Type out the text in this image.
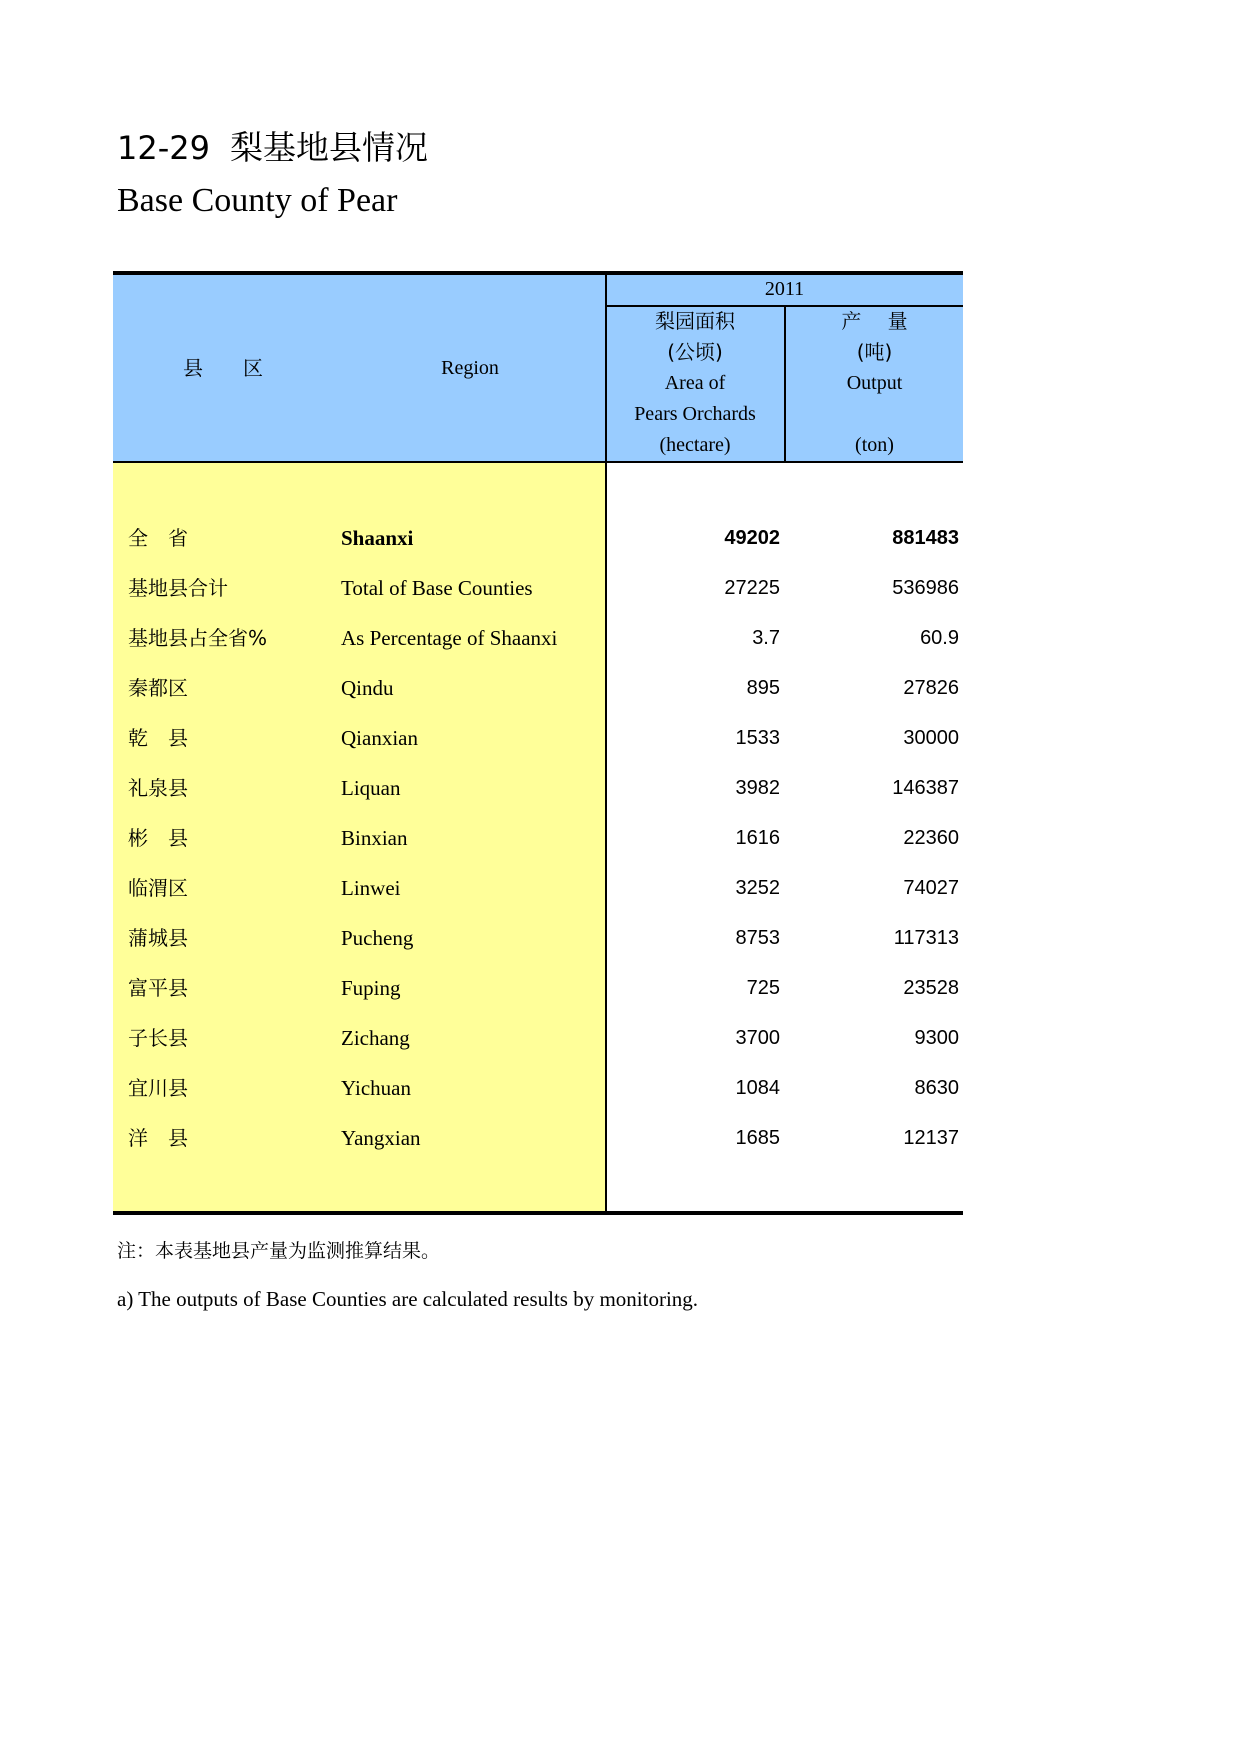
12-29 梨基地县情况
Base County of Pear
县　　区	Region
2011
梨园面积
(公顷)
Area of
Pears Orchards
(hectare)
产　 量
(吨)
Output
(ton)
全　省	Shaanxi	49202	881483
基地县合计	Total of Base Counties	27225	536986
基地县占全省%	As Percentage of Shaanxi	3.7	60.9
秦都区	Qindu	895	27826
乾　县	Qianxian	1533	30000
礼泉县	Liquan	3982	146387
彬　县	Binxian	1616	22360
临渭区	Linwei	3252	74027
蒲城县	Pucheng	8753	117313
富平县	Fuping	725	23528
子长县	Zichang	3700	9300
宜川县	Yichuan	1084	8630
洋　县	Yangxian	1685	12137
注：本表基地县产量为监测推算结果。
a) The outputs of Base Counties are calculated results by monitoring.
